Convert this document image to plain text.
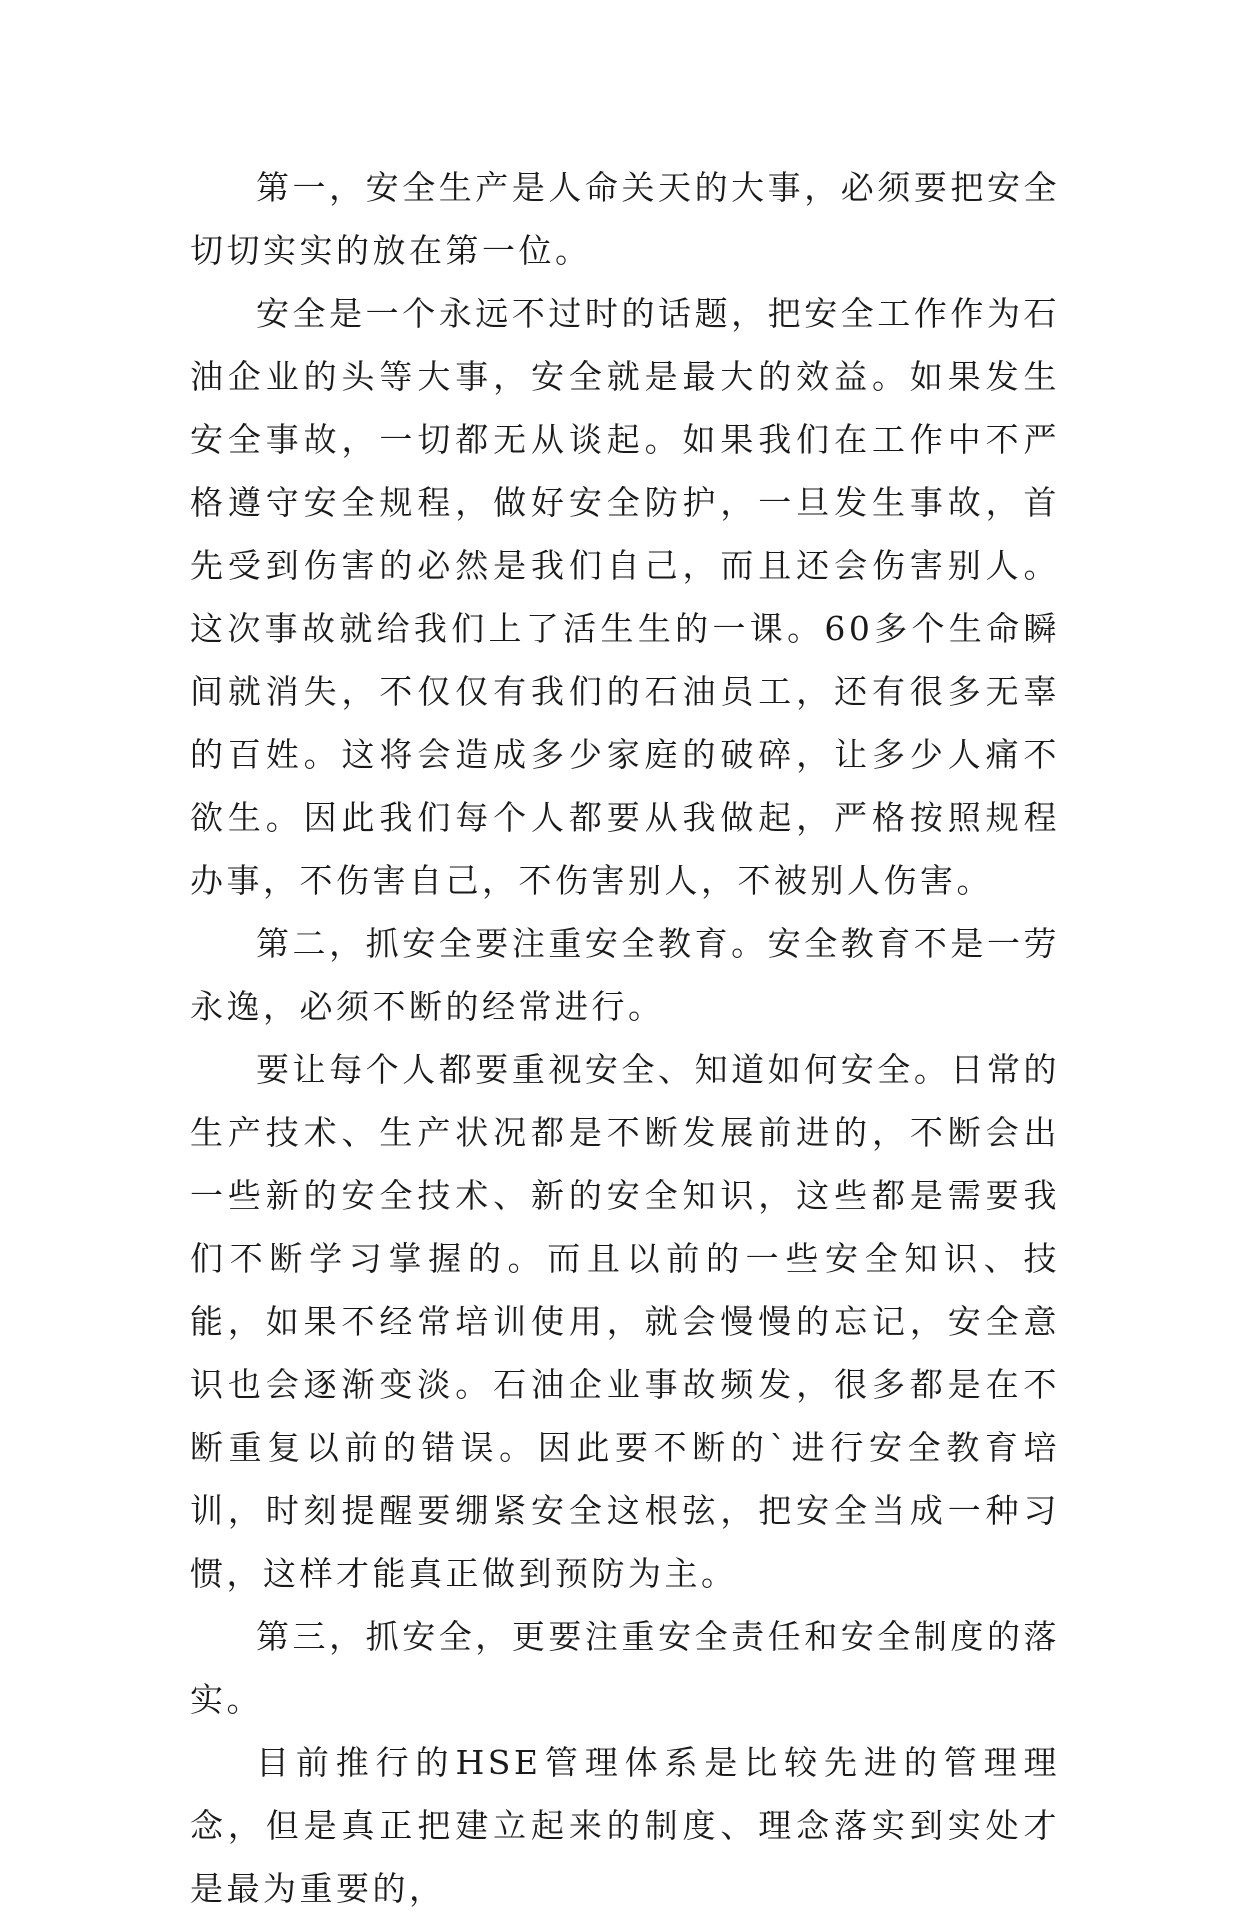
第一，安全生产是人命关天的大事，必须要把安全切切实实的放在第一位。

安全是一个永远不过时的话题，把安全工作作为石油企业的头等大事，安全就是最大的效益。如果发生安全事故，一切都无从谈起。如果我们在工作中不严格遵守安全规程，做好安全防护，一旦发生事故，首先受到伤害的必然是我们自己，而且还会伤害别人。这次事故就给我们上了活生生的一课。60多个生命瞬间就消失，不仅仅有我们的石油员工，还有很多无辜的百姓。这将会造成多少家庭的破碎，让多少人痛不欲生。因此我们每个人都要从我做起，严格按照规程办事，不伤害自己，不伤害别人，不被别人伤害。

第二，抓安全要注重安全教育。安全教育不是一劳永逸，必须不断的经常进行。

要让每个人都要重视安全、知道如何安全。日常的生产技术、生产状况都是不断发展前进的，不断会出一些新的安全技术、新的安全知识，这些都是需要我们不断学习掌握的。而且以前的一些安全知识、技能，如果不经常培训使用，就会慢慢的忘记，安全意识也会逐渐变淡。石油企业事故频发，很多都是在不断重复以前的错误。因此要不断的`进行安全教育培训，时刻提醒要绷紧安全这根弦，把安全当成一种习惯，这样才能真正做到预防为主。

第三，抓安全，更要注重安全责任和安全制度的落实。

目前推行的HSE管理体系是比较先进的管理理念，但是真正把建立起来的制度、理念落实到实处才是最为重要的，
